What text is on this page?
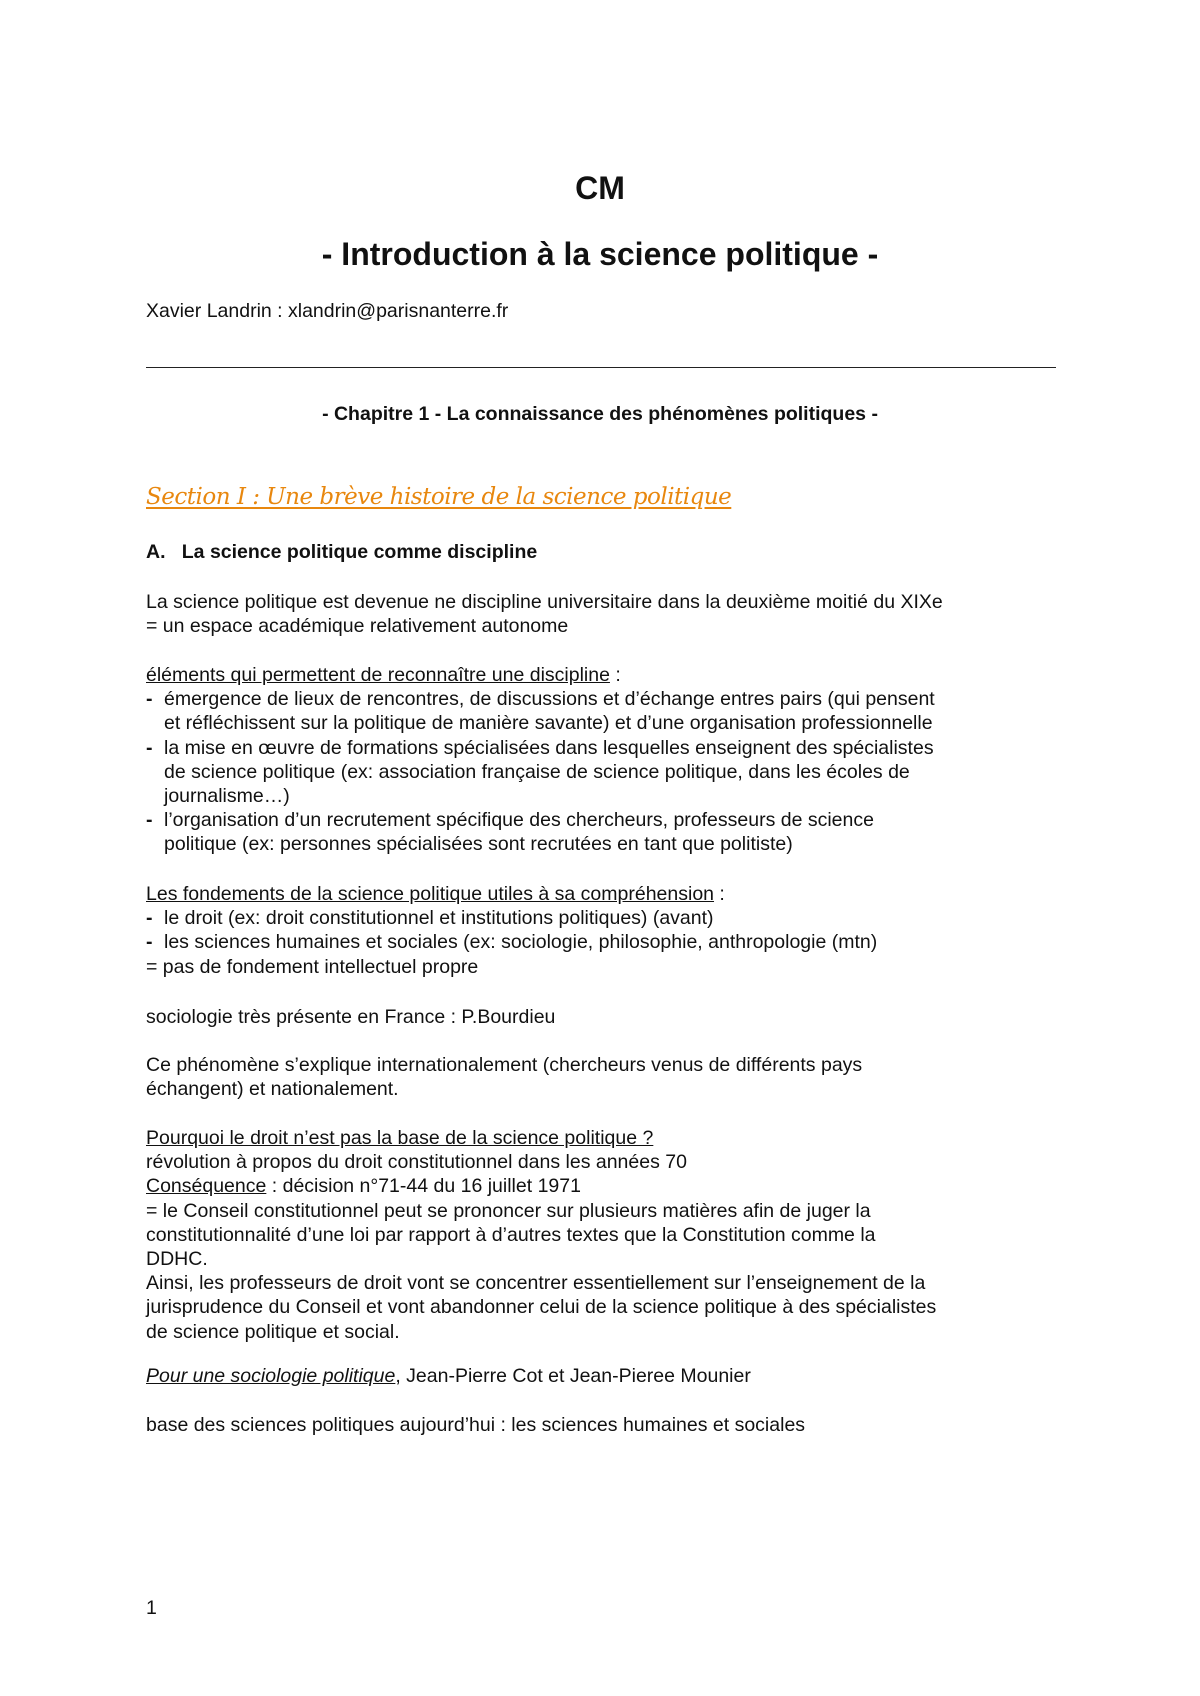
CM
- Introduction à la science politique -

Xavier Landrin : xlandrin@parisnanterre.fr

- Chapitre 1 - La connaissance des phénomènes politiques -

Section I : Une brève histoire de la science politique

A. La science politique comme discipline

La science politique est devenue ne discipline universitaire dans la deuxième moitié du XIXe

= un espace académique relativement autonome

éléments qui permettent de reconnaître une discipline :

- émergence de lieux de rencontres, de discussions et d’échange entres pairs (qui pensent

et réfléchissent sur la politique de manière savante) et d’une organisation professionnelle

- la mise en œuvre de formations spécialisées dans lesquelles enseignent des spécialistes

de science politique (ex: association française de science politique, dans les écoles de

journalisme…)

- l’organisation d’un recrutement spécifique des chercheurs, professeurs de science

politique (ex: personnes spécialisées sont recrutées en tant que politiste)

Les fondements de la science politique utiles à sa compréhension :

- le droit (ex: droit constitutionnel et institutions politiques) (avant)

- les sciences humaines et sociales (ex: sociologie, philosophie, anthropologie (mtn)

= pas de fondement intellectuel propre

sociologie très présente en France : P.Bourdieu

Ce phénomène s’explique internationalement (chercheurs venus de différents pays

échangent) et nationalement.

Pourquoi le droit n’est pas la base de la science politique ?

révolution à propos du droit constitutionnel dans les années 70

Conséquence : décision n°71-44 du 16 juillet 1971

= le Conseil constitutionnel peut se prononcer sur plusieurs matières afin de juger la

constitutionnalité d’une loi par rapport à d’autres textes que la Constitution comme la

DDHC.

Ainsi, les professeurs de droit vont se concentrer essentiellement sur l’enseignement de la

jurisprudence du Conseil et vont abandonner celui de la science politique à des spécialistes

de science politique et social.

Pour une sociologie politique, Jean-Pierre Cot et Jean-Pieree Mounier

base des sciences politiques aujourd’hui : les sciences humaines et sociales

1
